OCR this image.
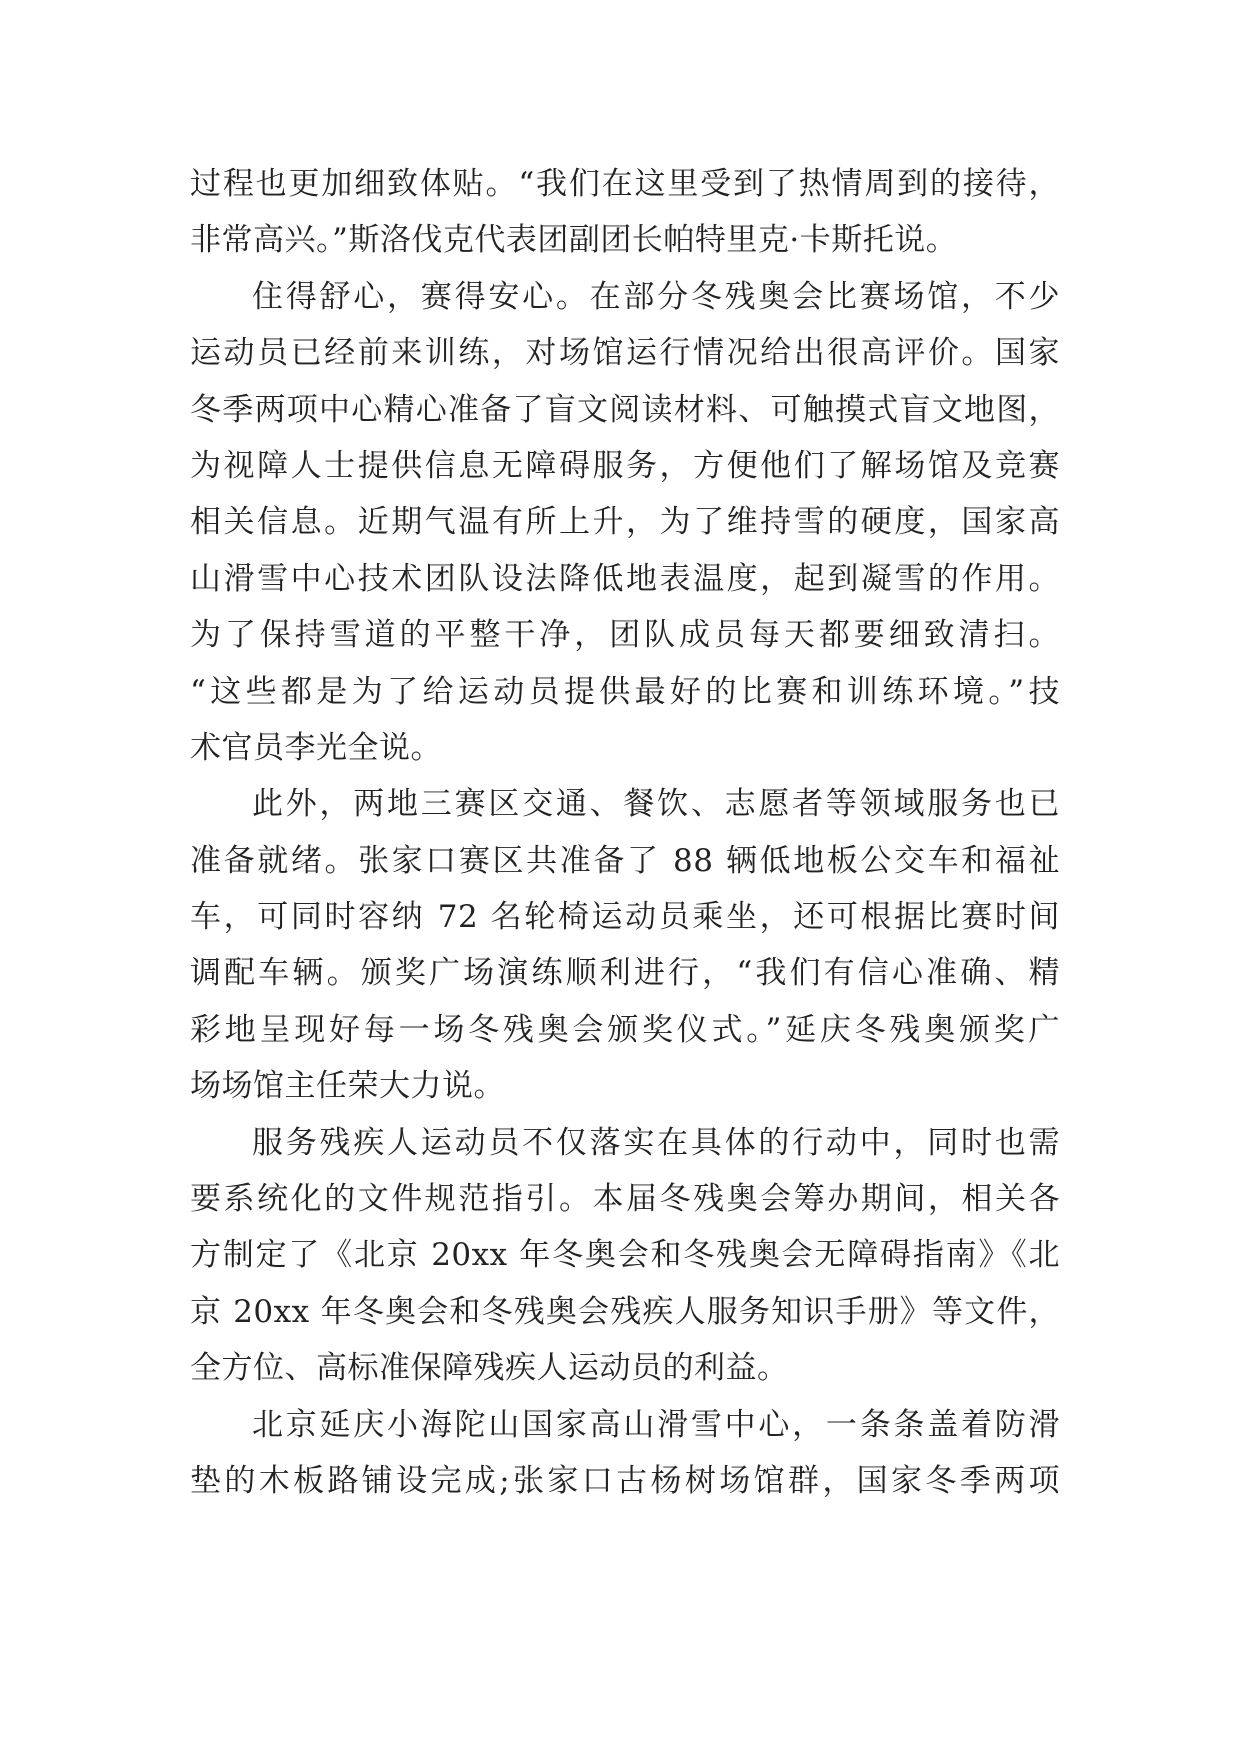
过程也更加细致体贴。“我们在这里受到了热情周到的接待，
非常高兴。”斯洛伐克代表团副团长帕特里克·卡斯托说。
住得舒心，赛得安心。在部分冬残奥会比赛场馆，不少
运动员已经前来训练，对场馆运行情况给出很高评价。国家
冬季两项中心精心准备了盲文阅读材料、可触摸式盲文地图，
为视障人士提供信息无障碍服务，方便他们了解场馆及竞赛
相关信息。近期气温有所上升，为了维持雪的硬度，国家高
山滑雪中心技术团队设法降低地表温度，起到凝雪的作用。
为了保持雪道的平整干净，团队成员每天都要细致清扫。
“这些都是为了给运动员提供最好的比赛和训练环境。”技
术官员李光全说。
此外，两地三赛区交通、餐饮、志愿者等领域服务也已
准备就绪。张家口赛区共准备了 88 辆低地板公交车和福祉
车，可同时容纳 72 名轮椅运动员乘坐，还可根据比赛时间
调配车辆。颁奖广场演练顺利进行，“我们有信心准确、精
彩地呈现好每一场冬残奥会颁奖仪式。”延庆冬残奥颁奖广
场场馆主任荣大力说。
服务残疾人运动员不仅落实在具体的行动中，同时也需
要系统化的文件规范指引。本届冬残奥会筹办期间，相关各
方制定了《北京 20xx 年冬奥会和冬残奥会无障碍指南》《北
京 20xx 年冬奥会和冬残奥会残疾人服务知识手册》等文件，
全方位、高标准保障残疾人运动员的利益。
北京延庆小海陀山国家高山滑雪中心，一条条盖着防滑
垫的木板路铺设完成;张家口古杨树场馆群，国家冬季两项
